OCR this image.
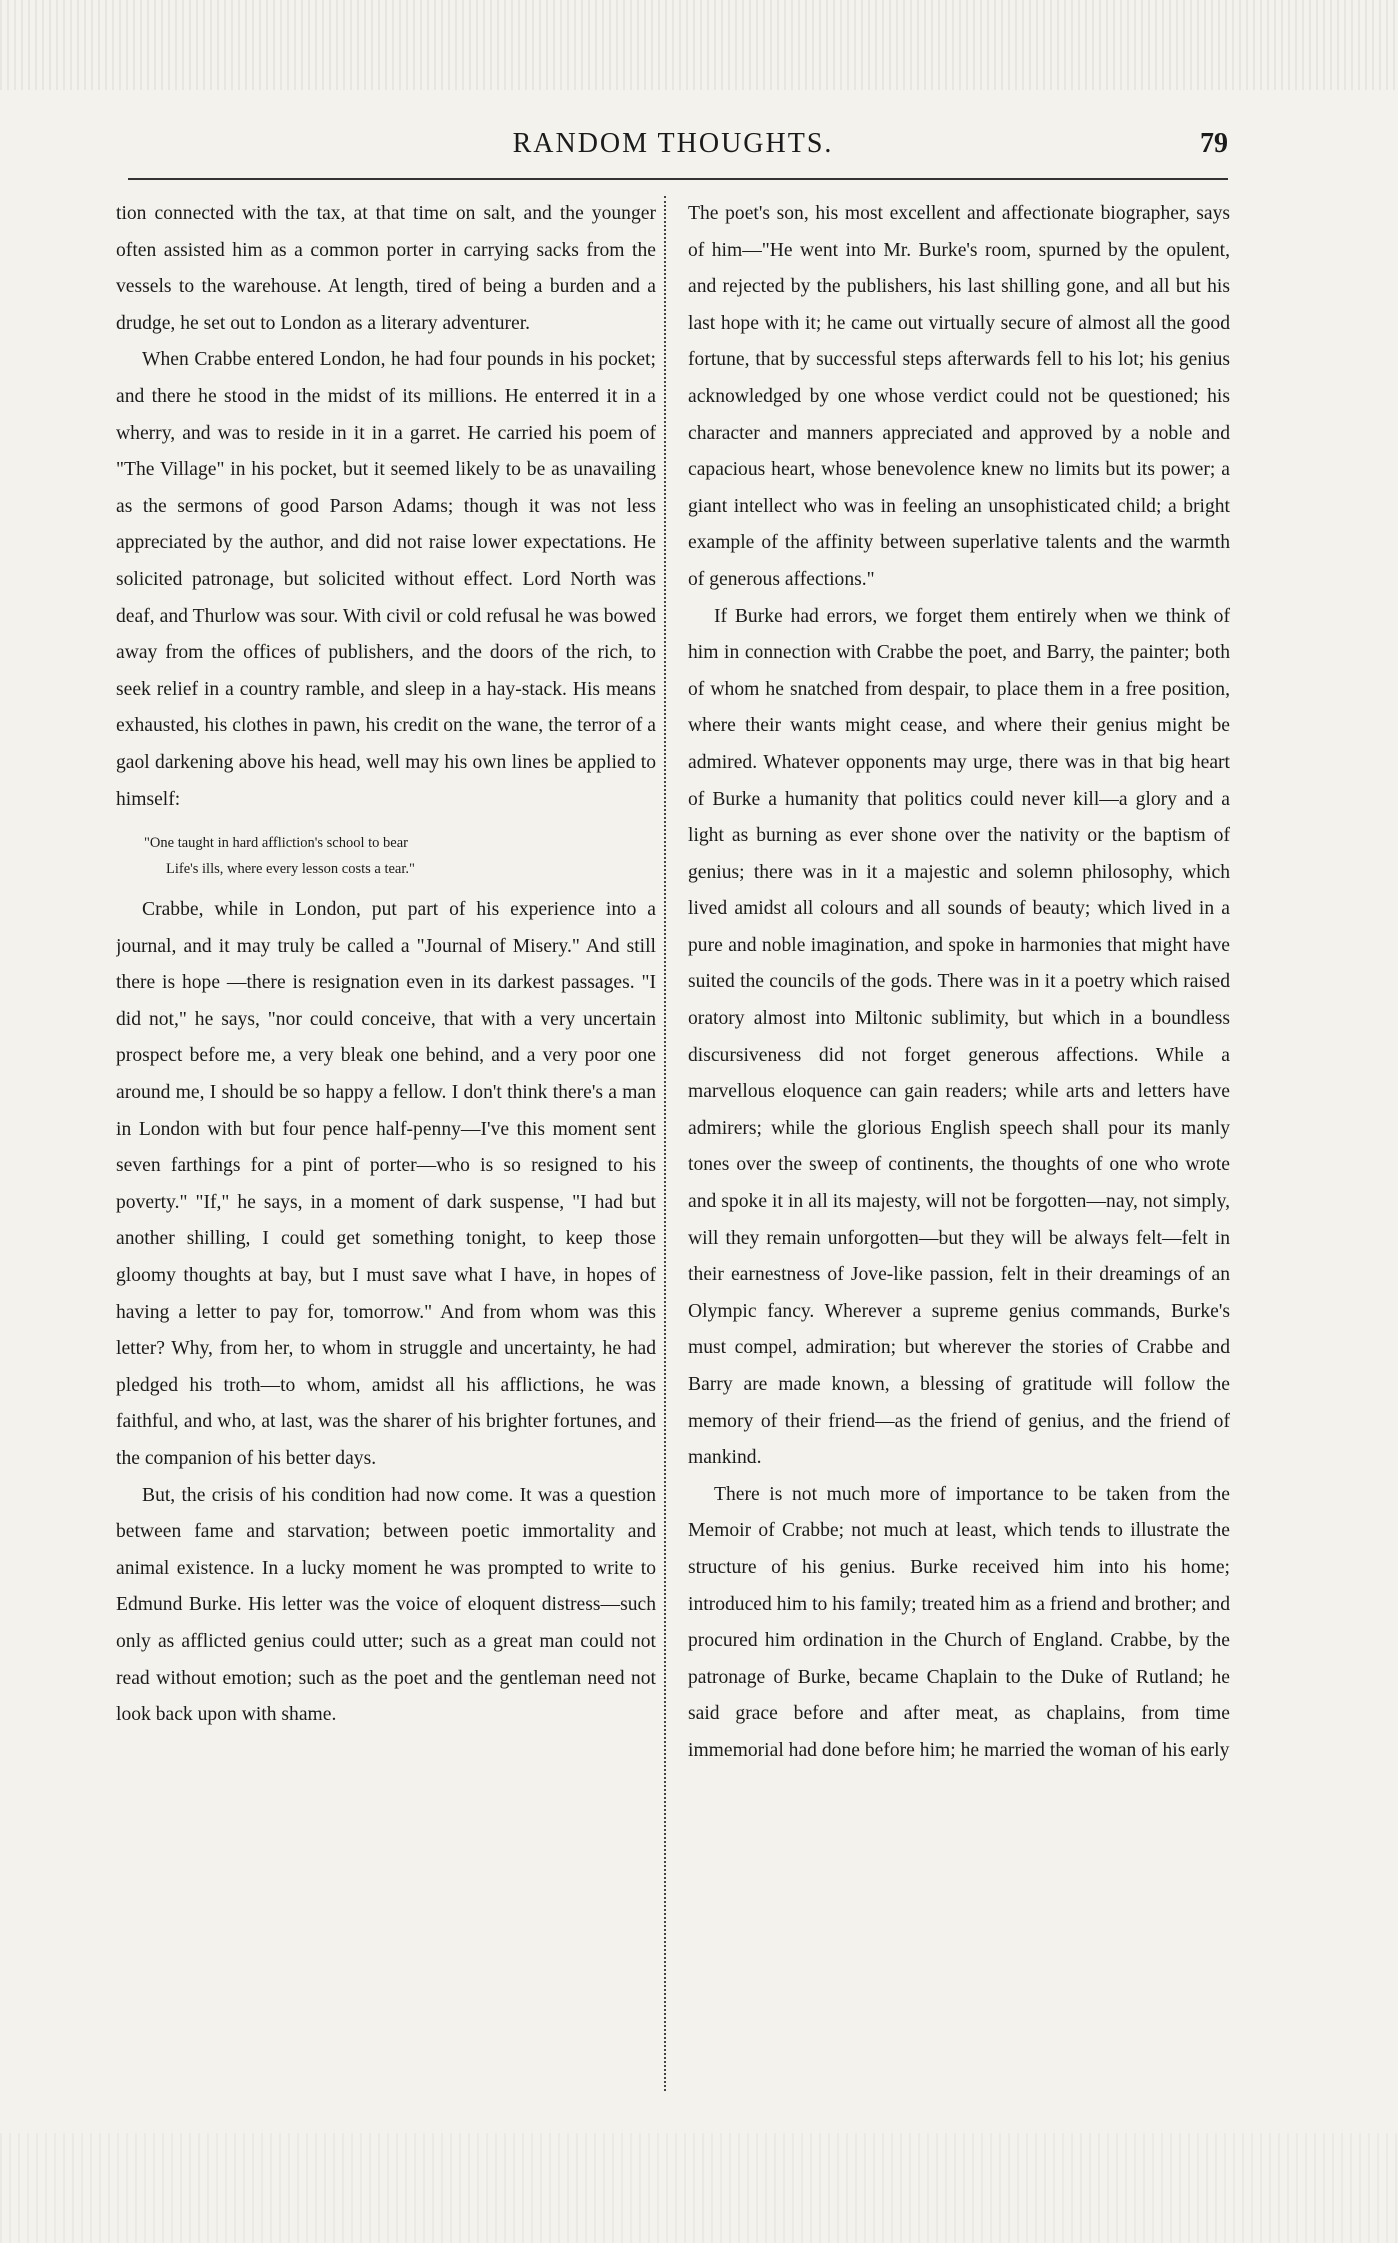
RANDOM THOUGHTS.	79

tion connected with the tax, at that time on salt, and the younger often assisted him as a common porter in carrying sacks from the vessels to the warehouse. At length, tired of being a burden and a drudge, he set out to London as a literary adventurer.

When Crabbe entered London, he had four pounds in his pocket; and there he stood in the midst of its millions. He enterred it in a wherry, and was to reside in it in a garret. He carried his poem of "The Village" in his pocket, but it seemed likely to be as unavailing as the sermons of good Parson Adams; though it was not less appreciated by the author, and did not raise lower expectations. He solicited patronage, but solicited without effect. Lord North was deaf, and Thurlow was sour. With civil or cold refusal he was bowed away from the offices of publishers, and the doors of the rich, to seek relief in a country ramble, and sleep in a hay-stack. His means exhausted, his clothes in pawn, his credit on the wane, the terror of a gaol darkening above his head, well may his own lines be applied to himself:

"One taught in hard affliction's school to bear
Life's ills, where every lesson costs a tear."

Crabbe, while in London, put part of his experience into a journal, and it may truly be called a "Journal of Misery." And still there is hope —there is resignation even in its darkest passages. "I did not," he says, "nor could conceive, that with a very uncertain prospect before me, a very bleak one behind, and a very poor one around me, I should be so happy a fellow. I don't think there's a man in London with but four pence half-penny—I've this moment sent seven farthings for a pint of porter—who is so resigned to his poverty." "If," he says, in a moment of dark suspense, "I had but another shilling, I could get something tonight, to keep those gloomy thoughts at bay, but I must save what I have, in hopes of having a letter to pay for, tomorrow." And from whom was this letter? Why, from her, to whom in struggle and uncertainty, he had pledged his troth—to whom, amidst all his afflictions, he was faithful, and who, at last, was the sharer of his brighter fortunes, and the companion of his better days.

But, the crisis of his condition had now come. It was a question between fame and starvation; between poetic immortality and animal existence. In a lucky moment he was prompted to write to Edmund Burke. His letter was the voice of eloquent distress—such only as afflicted genius could utter; such as a great man could not read without emotion; such as the poet and the gentleman need not look back upon with shame.

The poet's son, his most excellent and affectionate biographer, says of him—"He went into Mr. Burke's room, spurned by the opulent, and rejected by the publishers, his last shilling gone, and all but his last hope with it; he came out virtually secure of almost all the good fortune, that by successful steps afterwards fell to his lot; his genius acknowledged by one whose verdict could not be questioned; his character and manners appreciated and approved by a noble and capacious heart, whose benevolence knew no limits but its power; a giant intellect who was in feeling an unsophisticated child; a bright example of the affinity between superlative talents and the warmth of generous affections."

If Burke had errors, we forget them entirely when we think of him in connection with Crabbe the poet, and Barry, the painter; both of whom he snatched from despair, to place them in a free position, where their wants might cease, and where their genius might be admired. Whatever opponents may urge, there was in that big heart of Burke a humanity that politics could never kill—a glory and a light as burning as ever shone over the nativity or the baptism of genius; there was in it a majestic and solemn philosophy, which lived amidst all colours and all sounds of beauty; which lived in a pure and noble imagination, and spoke in harmonies that might have suited the councils of the gods. There was in it a poetry which raised oratory almost into Miltonic sublimity, but which in a boundless discursiveness did not forget generous affections. While a marvellous eloquence can gain readers; while arts and letters have admirers; while the glorious English speech shall pour its manly tones over the sweep of continents, the thoughts of one who wrote and spoke it in all its majesty, will not be forgotten—nay, not simply, will they remain unforgotten—but they will be always felt—felt in their earnestness of Jove-like passion, felt in their dreamings of an Olympic fancy. Wherever a supreme genius commands, Burke's must compel, admiration; but wherever the stories of Crabbe and Barry are made known, a blessing of gratitude will follow the memory of their friend—as the friend of genius, and the friend of mankind.

There is not much more of importance to be taken from the Memoir of Crabbe; not much at least, which tends to illustrate the structure of his genius. Burke received him into his home; introduced him to his family; treated him as a friend and brother; and procured him ordination in the Church of England. Crabbe, by the patronage of Burke, became Chaplain to the Duke of Rutland; he said grace before and after meat, as chaplains, from time immemorial had done before him; he married the woman of his early
